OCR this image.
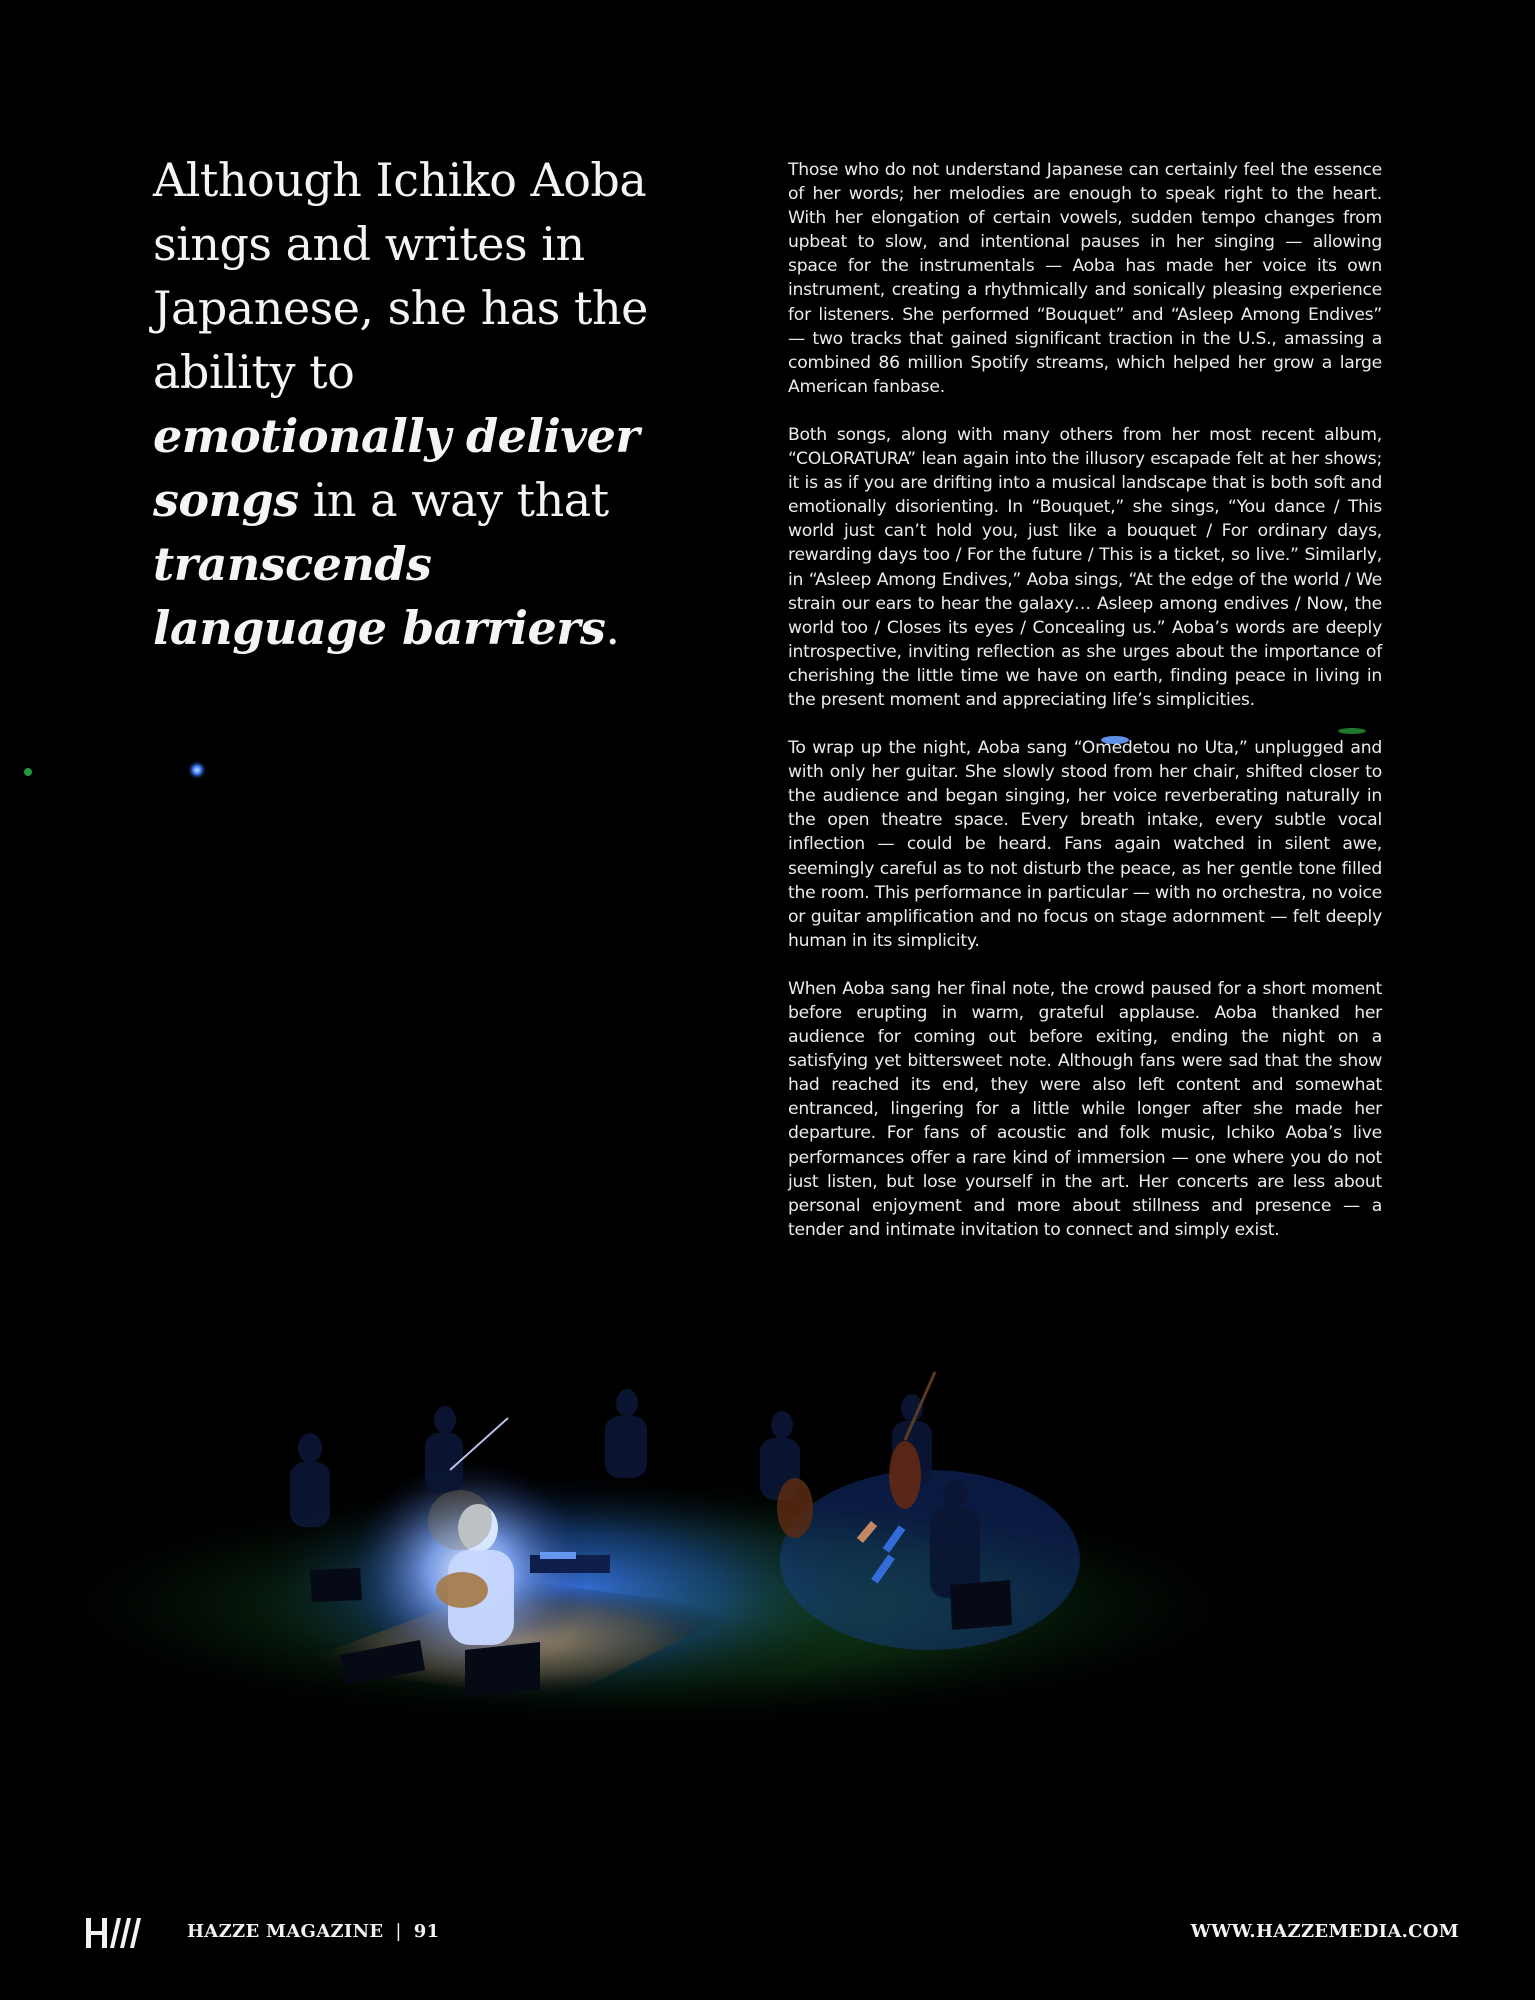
Although Ichiko Aoba sings and writes in Japanese, she has the ability to emotionally deliver songs in a way that transcends language barriers.

Those who do not understand Japanese can certainly feel the essence of her words; her melodies are enough to speak right to the heart. With her elongation of certain vowels, sudden tempo changes from upbeat to slow, and intentional pauses in her singing — allowing space for the instrumentals — Aoba has made her voice its own instrument, creating a rhythmically and sonically pleasing experience for listeners. She performed “Bouquet” and “Asleep Among Endives” — two tracks that gained significant traction in the U.S., amassing a combined 86 million Spotify streams, which helped her grow a large American fanbase.

Both songs, along with many others from her most recent album, “COLORATURA” lean again into the illusory escapade felt at her shows; it is as if you are drifting into a musical landscape that is both soft and emotionally disorienting. In “Bouquet,” she sings, “You dance / This world just can’t hold you, just like a bouquet / For ordinary days, rewarding days too / For the future / This is a ticket, so live.” Similarly, in “Asleep Among Endives,” Aoba sings, “At the edge of the world / We strain our ears to hear the galaxy… Asleep among endives / Now, the world too / Closes its eyes / Concealing us.” Aoba’s words are deeply introspective, inviting reflection as she urges about the importance of cherishing the little time we have on earth, finding peace in living in the present moment and appreciating life’s simplicities.

To wrap up the night, Aoba sang “Omedetou no Uta,” unplugged and with only her guitar. She slowly stood from her chair, shifted closer to the audience and began singing, her voice reverberating naturally in the open theatre space. Every breath intake, every subtle vocal inflection — could be heard. Fans again watched in silent awe, seemingly careful as to not disturb the peace, as her gentle tone filled the room. This performance in particular — with no orchestra, no voice or guitar amplification and no focus on stage adornment — felt deeply human in its simplicity.

When Aoba sang her final note, the crowd paused for a short moment before erupting in warm, grateful applause. Aoba thanked her audience for coming out before exiting, ending the night on a satisfying yet bittersweet note. Although fans were sad that the show had reached its end, they were also left content and somewhat entranced, lingering for a little while longer after she made her departure. For fans of acoustic and folk music, Ichiko Aoba’s live performances offer a rare kind of immersion — one where you do not just listen, but lose yourself in the art. Her concerts are less about personal enjoyment and more about stillness and presence — a tender and intimate invitation to connect and simply exist.

HAZZE MAGAZINE | 91	WWW.HAZZEMEDIA.COM
